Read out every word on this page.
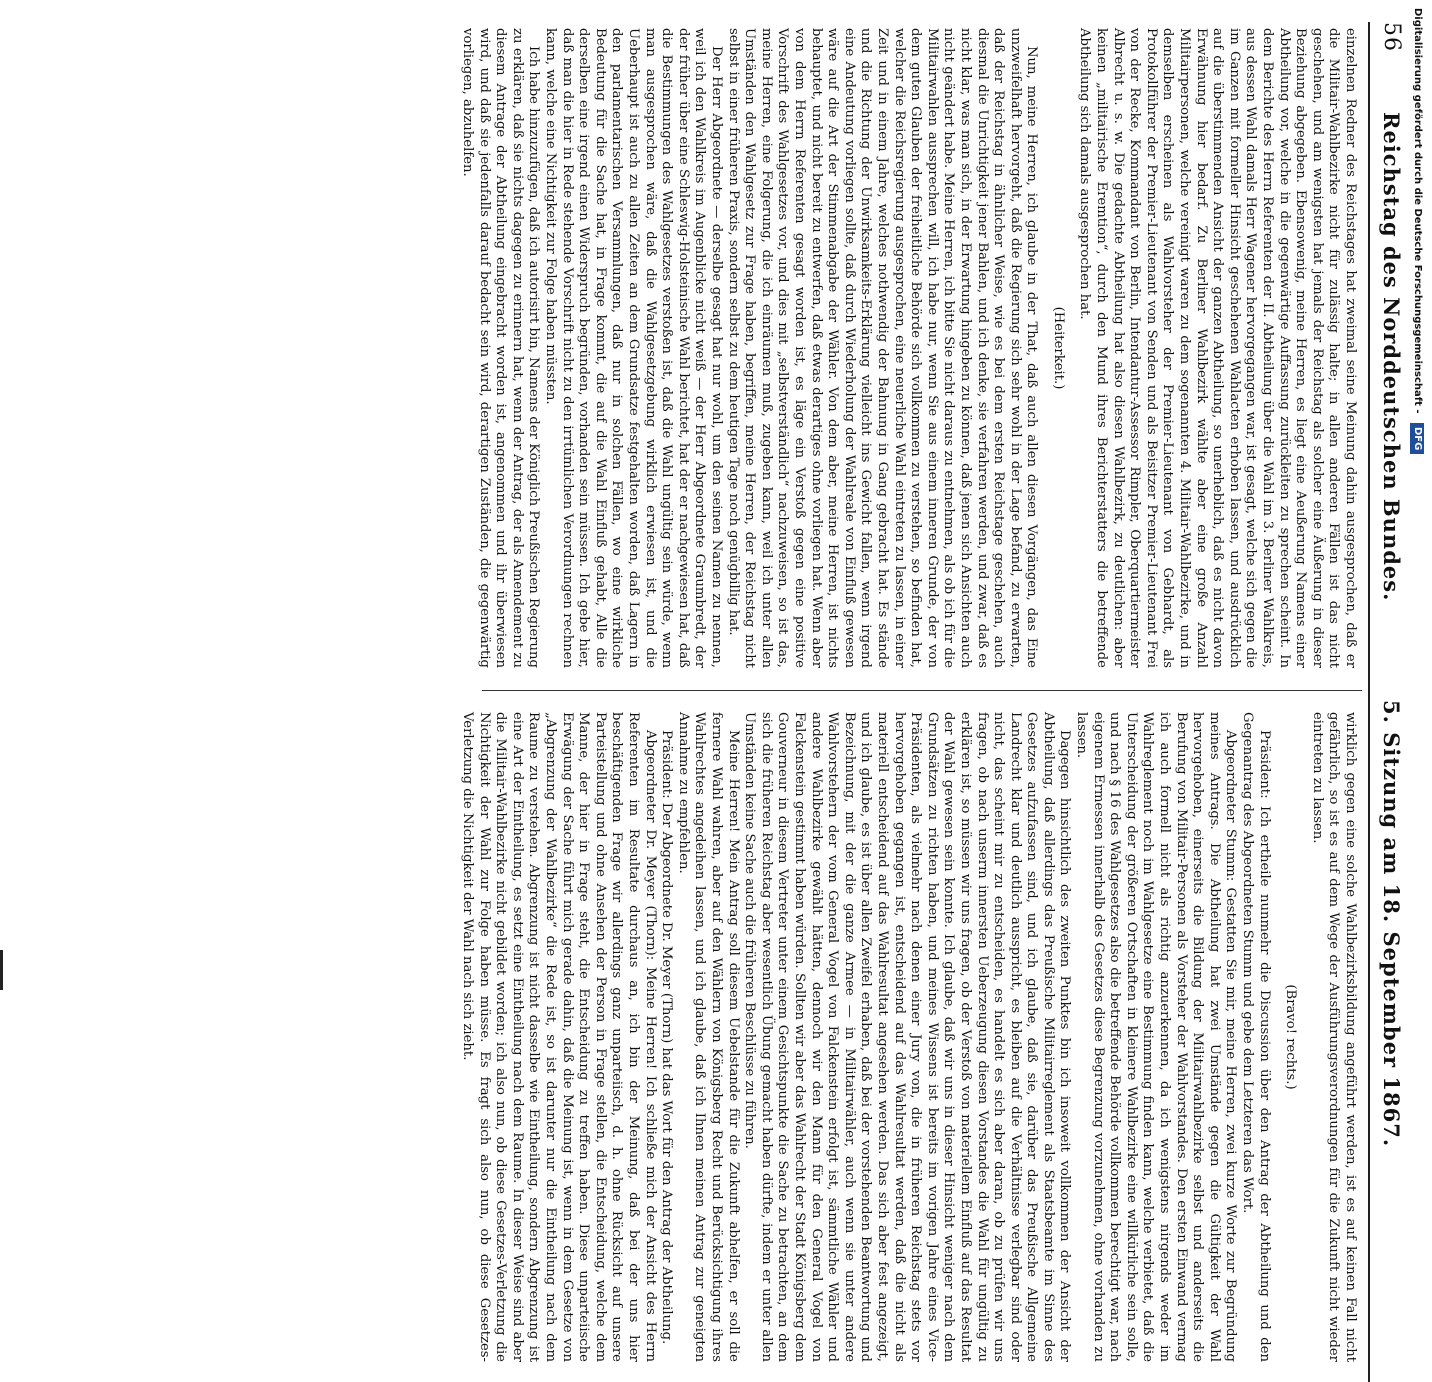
56
Reichstag des Norddeutschen Bundes.
5. Sitzung am 18. September 1867.

einzelnen Redner des Reichstages hat zweimal seine Meinung dahin ausgesprochen, daß er die Militair-Wahlbezirke nicht für zulässig halte; in allen anderen Fällen ist das nicht geschehen, und am wenigsten hat jemals der Reichstag als solcher eine Äußerung in dieser Beziehung abgegeben. Ebensowenig, meine Herren, es liegt eine Aeußerung Namens einer Abtheilung vor, welche in die gegenwärtige Auffassung zurückleiten zu sprechen scheint. In dem Berichte des Herrn Referenten der II. Abtheilung über die Wahl im 3. Berliner Wahlkreis, aus dessen Wahl damals Herr Wagener hervorgegangen war, ist gesagt, welche sich gegen die im Ganzen mit formeller Hinsicht geschehenen Wahlacten erhoben lassen, und ausdrücklich auf die überstimmenden Ansicht der ganzen Abtheilung, so unerheblich, daß es nicht davon Erwähnung hier bedarf. Zu Berliner Wahlbezirk wählte aber eine große Anzahl Militairpersonen, welche vereinigt waren zu dem sogenannten 4. Militair-Wahlbezirke, und in demselben erscheinen als Wahlvorsteher der Premier-Lieutenant von Gebhardt, als Protokollführer der Premier-Lieutenant von Senden und als Beisitzer Premier-Lieutenant Frei von der Recke, Kommandant von Berlin, Intendantur-Assessor Rimpler, Oberquartiermeister Albrecht u. s. w. Die gedachte Abtheilung hat also diesen Wahlbezirk, zu deutlichen: aber keinen „militairische Eremtion“, durch den Mund ihres Berichterstatters die betreffende Abtheilung sich damals ausgesprochen hat.

(Heiterkeit.)

Nun, meine Herren, ich glaube in der That, daß auch allen diesen Vorgängen, das Eine unzweifelhaft hervorgeht, daß die Regierung sich sehr wohl in der Lage befand, zu erwarten, daß der Reichstag in ähnlicher Weise, wie es bei dem ersten Reichstage geschehen, auch diesmal die Unrichtigkeit jener Bahlen, und ich denke, sie verfahren werden, und zwar, daß es nicht klar, was man sich, in der Erwartung hingeben zu können, daß jenen sich Ansichten auch nicht geändert habe. Meine Herren, ich bitte Sie nicht daraus zu entnehmen, als ob ich für die Militairwahlen aussprechen will, ich habe nur, wenn Sie aus einem inneren Grunde, der von dem guten Glauben der freiheitliche Behörde sich vollkommen zu verstehen, so befinden hat, welcher die Reichsregierung ausgesprochen, eine neuerliche Wahl eintreten zu lassen, in einer Zeit und in einem Jahre, welches nothwendig der Bahnung in Gang gebracht hat. Es stände und die Richtung der Unwirksamkeits-Erklärung vielleicht ins Gewicht fallen, wenn irgend eine Andeutung vorliegen sollte, daß durch Wiederholung der Wahlreale von Einfluß gewesen wäre auf die Art der Stimmenabgabe der Wähler. Von dem aber, meine Herren, ist nichts behauptet, und nicht bereit zu entwerfen, daß etwas derartiges ohne vorliegen hat. Wenn aber von dem Herrn Referenten gesagt worden ist, es läge ein Verstoß gegen eine positive Vorschrift des Wahlgesetzes vor, und dies mit „selbstverständlich“ nachzuweisen, so ist das, meine Herren, eine Folgerung, die ich einräumen muß, zugeben kann, weil ich unter allen Umständen den Wahlgesetz zur Frage haben, begriffen, meine Herren, der Reichstag nicht selbst in einer früheren Praxis, sondern selbst zu dem heutigen Tage noch genügbillig hat.

Der Herr Abgeordnete — derselbe gesagt hat nur wohl, um den seinen Namen zu nennen, weil ich den Wahlkreis im Augenblicke nicht weiß — der Herr Abgeordnete Graumbredt, der der früher über eine Schleswig-Holsteinische Wahl berichtet, hat der er nachgewiesen hat, daß die Bestimmungen des Wahlgesetzes verstoßen ist, daß die Wahl ungültig sein würde, wenn man ausgesprochen wäre, daß die Wahlgesetzgebung wirklich erwiesen ist, und die Ueberhaupt ist auch zu allen Zeiten an dem Grundsatze festgehalten worden, daß Lagern in den parlamentarischen Versammlungen, daß nur in solchen Fällen, wo eine wirkliche Bedeutung für die Sache hat, in Frage kommt, die auf die Wahl Einfluß gehabt, Alle die derselben eine irgend einen Widerspruch begründen, vorhanden sein müssen. Ich gebe hier, daß man die hier in Rede stehende Vorschrift nicht zu den irrtümlichen Verordnungen rechnen kann, welche eine Nichtigkeit zur Folge haben müssten.

Ich habe hinzuzufügen, daß ich autorisirt bin, Namens der Königlich Preußischen Regierung zu erklären, daß sie nichts dagegen zu erinnern hat, wenn der Antrag, der als Amendement zu diesem Antrage der Abtheilung eingebracht worden ist, angenommen und ihr überwiesen wird, und daß sie jedenfalls darauf bedacht sein wird, derartigen Zuständen, die gegenwärtig vorliegen, abzuhelfen.

wirklich gegen eine solche Wahlbezirksbildung angeführt werden, ist es auf keinen Fall nicht gefährlich, so ist es auf dem Wege der Ausführungsverordnungen für die Zukunft nicht wieder eintreten zu lassen.

(Bravo! rechts.)

Präsident: Ich ertheile nunmehr die Discussion über den Antrag der Abtheilung und den Gegenantrag des Abgeordneten Stumm und gebe dem Letzteren das Wort.

Abgeordneter Stumm: Gestatten Sie mir, meine Herren, zwei kurze Worte zur Begründung meines Antrags. Die Abtheilung hat zwei Umstände gegen die Gültigkeit der Wahl hervorgehoben, einerseits die Bildung der Militairwahlbezirke selbst und anderseits die Berufung von Militair-Personen als Vorsteher der Wahlvorstandes. Den ersten Einwand vermag ich auch formell nicht als richtig anzuerkennen, da ich wenigstens nirgends weder im Wahlreglement noch im Wahlgesetze eine Bestimmung finden kann, welche verbietet, daß die Unterscheidung der größeren Ortschaften in kleinere Wahlbezirke eine willkürliche sein solle, und nach § 16 des Wahlgesetzes also die betreffende Behörde vollkommen berechtigt war, nach eigenem Ermessen innerhalb des Gesetzes diese Begrenzung vorzunehmen, ohne vorhanden zu lassen.

Dagegen hinsichtlich des zweiten Punktes bin ich insoweit vollkommen der Ansicht der Abtheilung, daß allerdings das Preußische Militairreglement als Staatsbeamte im Sinne des Gesetzes aufzufassen sind, und ich glaube, daß sie, darüber das Preußische Allgemeine Landrecht klar und deutlich ausspricht, es bleiben auf die Verhältnisse verlegbar sind oder nicht, das scheint mir zu entscheiden, es handelt es sich aber daran, ob zu prüfen wir uns fragen, ob nach unserm innersten Ueberzeugung diesen Vorstandes die Wahl für ungültig zu erklären ist, so müssen wir uns fragen, ob der Verstoß von materiellem Einfluß auf das Resultat der Wahl gewesen sein konnte. Ich glaube, daß wir uns in dieser Hinsicht weniger nach dem Grundsätzen zu richten haben, und meines Wissens ist bereits im vorigen Jahre eines Vice-Präsidenten, als vielmehr nach denen einer Jury von, die in früheren Reichstag stets vor hervorgehoben gegangen ist, entscheidend auf das Wahlresultat werden, daß die nicht als materiell entscheidend auf das Wahlresultat angesehen werden. Das sich aber fest angezeigt, und ich glaube, es ist über allen Zweifel erhaben, daß bei der vorstehenden Beantwortung und Bezeichnung, mit der die ganze Armee — in Militairwähler, auch wenn sie unter andere Wahlvorstehern der vom General Vogel von Falckenstein erfolgt ist, sämmtliche Wähler und andere Wahlbezirke gewählt hätten, dennoch wir den Mann für den General Vogel von Falckenstein gestimmt haben würden. Sollten wir aber das Wahlrecht der Stadt Königsberg dem Gouverneur in diesem Vertreter unter einem Gesichtspunkte die Sache zu betrachten, an dem sich die früheren Reichstag aber wesentlich Übung gemacht haben dürfte, indem er unter allen Umständen keine Sache auch die früheren Beschlüsse zu führen.

Meine Herren! Mein Antrag soll diesem Uebelstande für die Zukunft abhelfen, er soll die fernere Wahl wahren, aber auf den Wählern von Königsberg Recht und Berücksichtigung ihres Wahlrechtes angedeihen lassen, und ich glaube, daß ich Ihnen meinen Antrag zur geneigten Annahme zu empfehlen.

Präsident: Der Abgeordnete Dr. Meyer (Thorn) hat das Wort für den Antrag der Abtheilung.

Abgeordneter Dr. Meyer (Thorn): Meine Herren! Ich schließe mich der Ansicht des Herrn Referenten im Resultate durchaus an, ich bin der Meinung, daß bei der uns hier beschäftigenden Frage wir allerdings ganz unparteiisch, d. h. ohne Rücksicht auf unsere Parteistellung und ohne Ansehen der Person in Frage stellen, die Entscheidung, welche dem Manne, der hier in Frage steht, die Entscheidung zu treffen haben. Diese unparteiische Erwägung der Sache führt mich gerade dahin, daß die Meinung ist, wenn in dem Gesetze von „Abgrenzung der Wahlbezirke“ die Rede ist, so ist darunter nur die Eintheilung nach dem Raume zu verstehen. Abgrenzung ist nicht dasselbe wie Eintheilung, sondern Abgrenzung ist eine Art der Eintheilung, es setzt eine Eintheilung nach dem Raume. In dieser Weise sind aber die Militair-Wahlbezirke nicht gebildet worden; ich also nun, ob diese Gesetzes-Verletzung die Nichtigkeit der Wahl zur Folge haben müsse. Es fragt sich also nun, ob diese Gesetzes-Verletzung die Nichtigkeit der Wahl nach sich zieht.

Digitalisierung gefördert durch die Deutsche Forschungsgemeinschaft - DFG
